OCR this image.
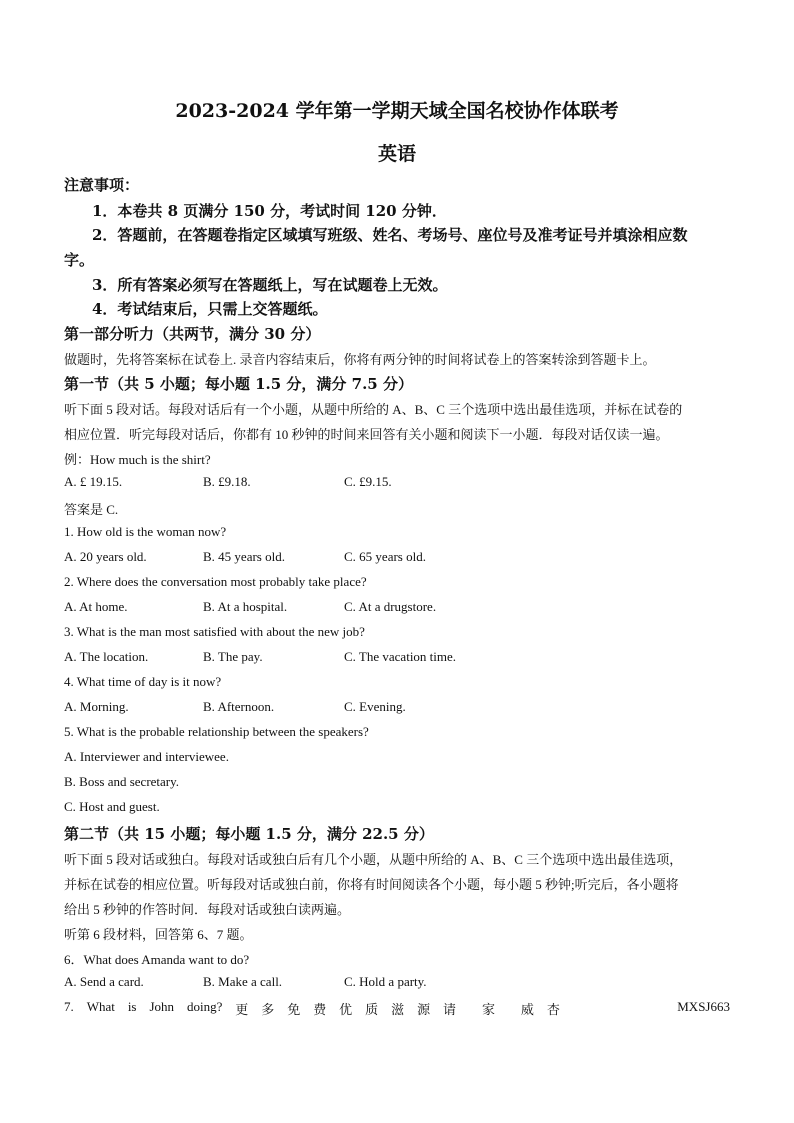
2023-2024 学年第一学期天域全国名校协作体联考
英语
注意事项：
1．本卷共 8 页满分 150 分，考试时间 120 分钟．
2．答题前，在答题卷指定区域填写班级、姓名、考场号、座位号及准考证号并填涂相应数
字。
3．所有答案必须写在答题纸上，写在试题卷上无效。
4．考试结束后，只需上交答题纸。
第一部分听力（共两节，满分 30 分）
做题时，先将答案标在试卷上. 录音内容结束后，你将有两分钟的时间将试卷上的答案转涂到答题卡上。
第一节（共 5 小题；每小题 1.5 分，满分 7.5 分）
听下面 5 段对话。每段对话后有一个小题，从题中所给的 A、B、C 三个选项中选出最佳选项，并标在试卷的
相应位置．听完每段对话后，你都有 10 秒钟的时间来回答有关小题和阅读下一小题．每段对话仅读一遍。
例：How much is the shirt?
A. £ 19.15.	B. £9.18.	C. £9.15.
答案是 C.
1. How old is the woman now?
A. 20 years old.	B. 45 years old.	C. 65 years old.
2. Where does the conversation most probably take place?
A. At home.	B. At a hospital.	C. At a drugstore.
3. What is the man most satisfied with about the new job?
A. The location.	B. The pay.	C. The vacation time.
4. What time of day is it now?
A. Morning.	B. Afternoon.	C. Evening.
5. What is the probable relationship between the speakers?
A. Interviewer and interviewee.
B. Boss and secretary.
C. Host and guest.
第二节（共 15 小题；每小题 1.5 分，满分 22.5 分）
听下面 5 段对话或独白。每段对话或独白后有几个小题，从题中所给的 A、B、C 三个选项中选出最佳选项，
并标在试卷的相应位置。听每段对话或独白前，你将有时间阅读各个小题，每小题 5 秒钟;听完后，各小题将
给出 5 秒钟的作答时间．每段对话或独白读两遍。
听第 6 段材料，回答第 6、7 题。
6．What does Amanda want to do?
A. Send a card.	B. Make a call.	C. Hold a party.
7. What is John doing? 更 多 免 费 优 质 滋 源 请 家 威 杏	MXSJ663
